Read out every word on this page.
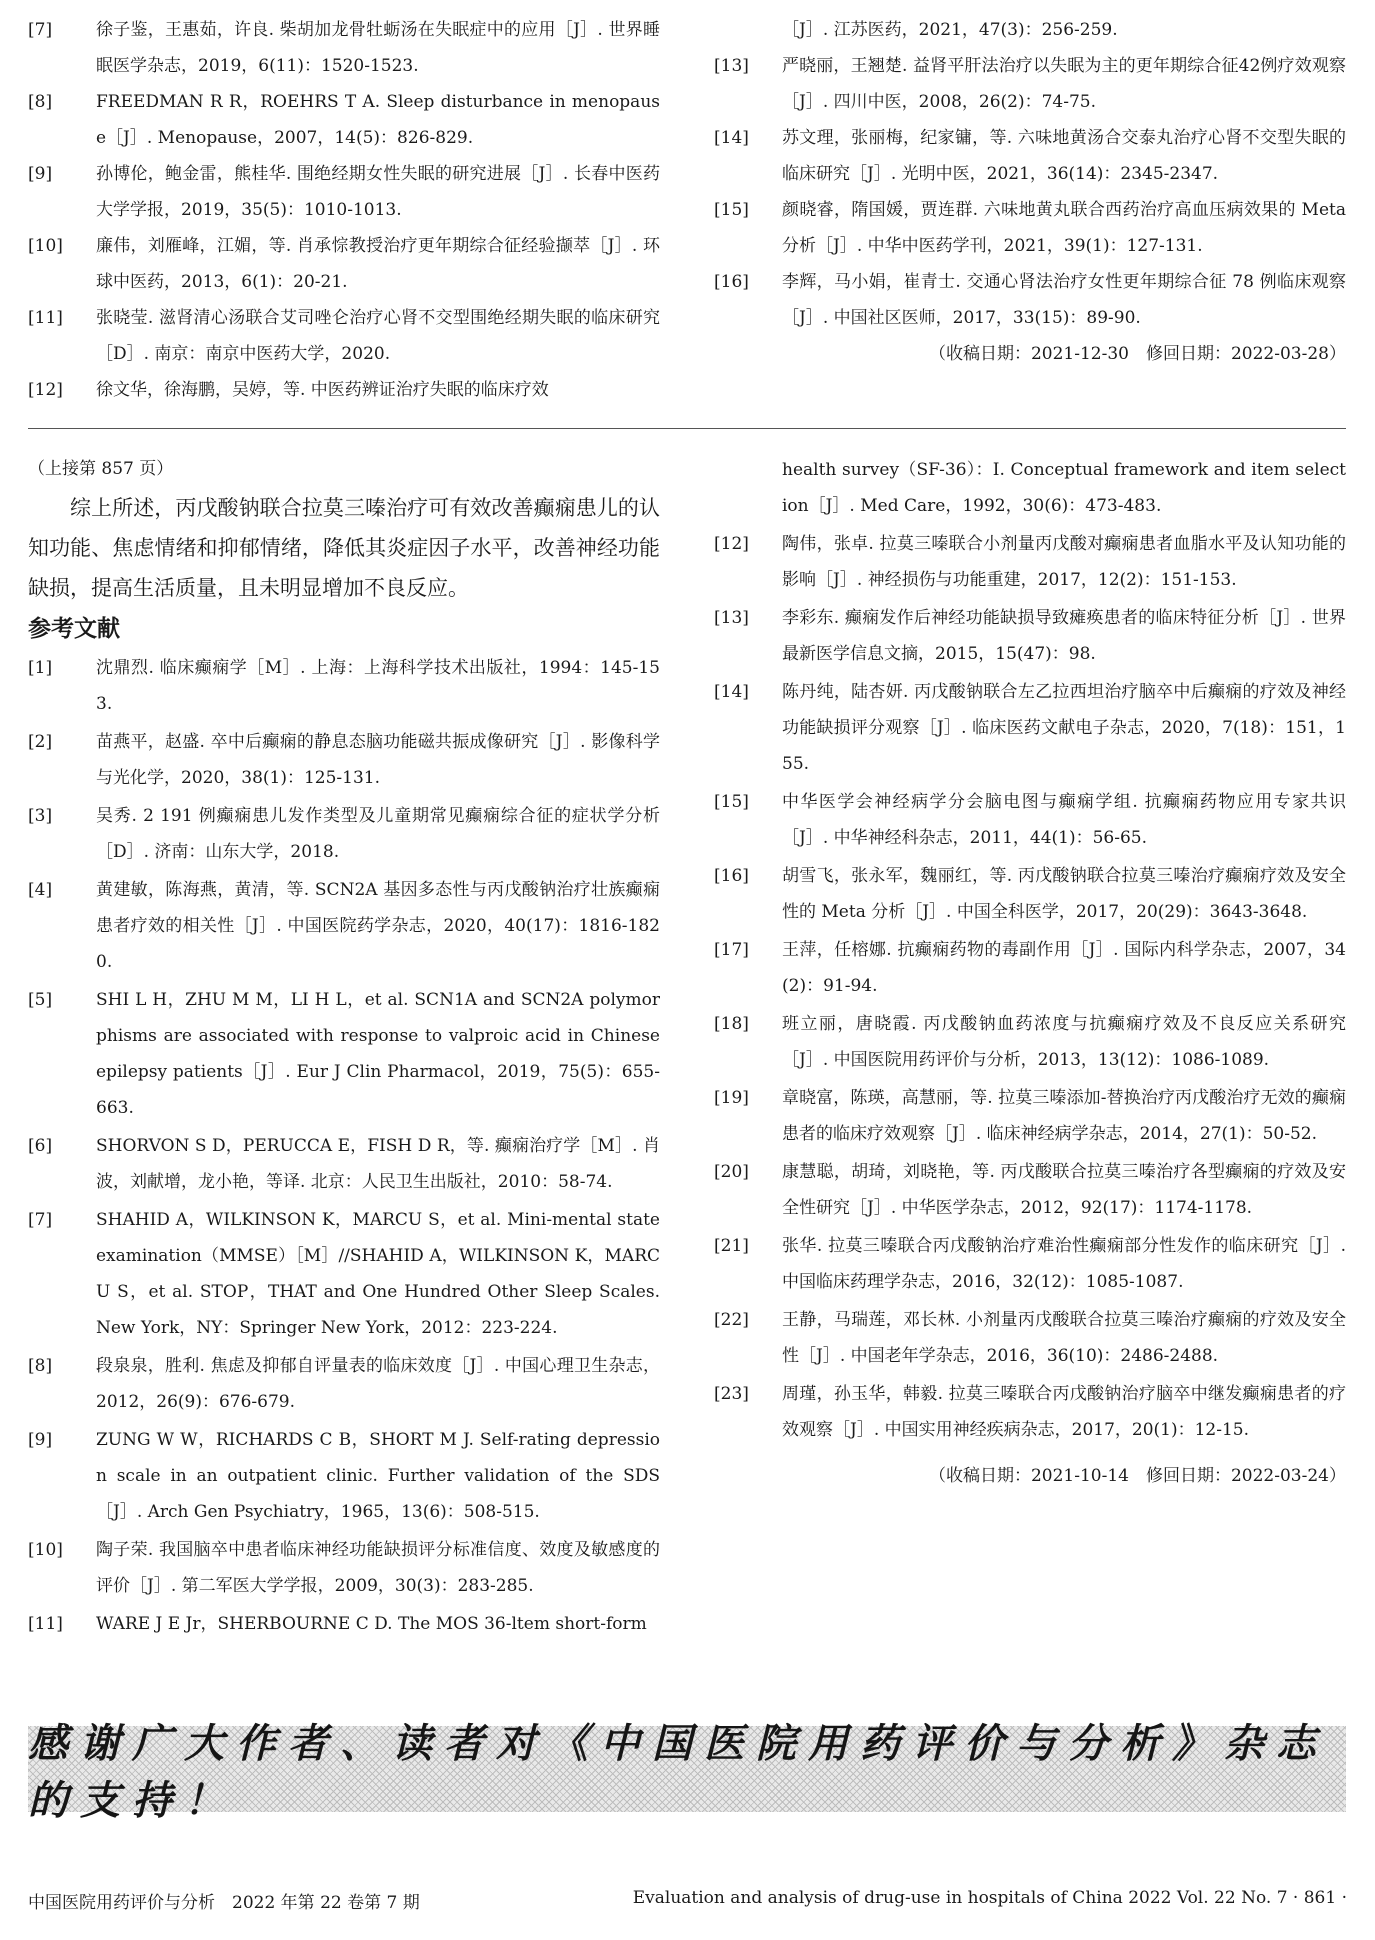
[7]	徐子鉴，王惠茹，许良. 柴胡加龙骨牡蛎汤在失眠症中的应用［J］. 世界睡眠医学杂志，2019，6(11)：1520-1523.
[8]	FREEDMAN R R，ROEHRS T A. Sleep disturbance in menopause［J］. Menopause，2007，14(5)：826-829.
[9]	孙博伦，鲍金雷，熊桂华. 围绝经期女性失眠的研究进展［J］. 长春中医药大学学报，2019，35(5)：1010-1013.
[10] 廉伟，刘雁峰，江媚，等. 肖承悰教授治疗更年期综合征经验撷萃［J］. 环球中医药，2013，6(1)：20-21.
[11] 张晓莹. 滋肾清心汤联合艾司唑仑治疗心肾不交型围绝经期失眠的临床研究［D］. 南京：南京中医药大学，2020.
[12] 徐文华，徐海鹏，吴婷，等. 中医药辨证治疗失眠的临床疗效
［J］. 江苏医药，2021，47(3)：256-259.
[13] 严晓丽，王翘楚. 益肾平肝法治疗以失眠为主的更年期综合征42例疗效观察［J］. 四川中医，2008，26(2)：74-75.
[14] 苏文理，张丽梅，纪家镛，等. 六味地黄汤合交泰丸治疗心肾不交型失眠的临床研究［J］. 光明中医，2021，36(14)：2345-2347.
[15] 颜晓睿，隋国媛，贾连群. 六味地黄丸联合西药治疗高血压病效果的 Meta 分析［J］. 中华中医药学刊，2021，39(1)：127-131.
[16] 李辉，马小娟，崔青士. 交通心肾法治疗女性更年期综合征 78 例临床观察［J］. 中国社区医师，2017，33(15)：89-90.
（收稿日期：2021-12-30　修回日期：2022-03-28）
（上接第 857 页）

综上所述，丙戊酸钠联合拉莫三嗪治疗可有效改善癫痫患儿的认知功能、焦虑情绪和抑郁情绪，降低其炎症因子水平，改善神经功能缺损，提高生活质量，且未明显增加不良反应。

参考文献
[1]	沈鼎烈. 临床癫痫学［M］. 上海：上海科学技术出版社，1994：145-153.
[2]	苗燕平，赵盛. 卒中后癫痫的静息态脑功能磁共振成像研究［J］. 影像科学与光化学，2020，38(1)：125-131.
[3]	吴秀. 2 191 例癫痫患儿发作类型及儿童期常见癫痫综合征的症状学分析［D］. 济南：山东大学，2018.
[4]	黄建敏，陈海燕，黄清，等. SCN2A 基因多态性与丙戊酸钠治疗壮族癫痫患者疗效的相关性［J］. 中国医院药学杂志，2020，40(17)：1816-1820.
[5]	SHI L H，ZHU M M，LI H L，et al. SCN1A and SCN2A polymorphisms are associated with response to valproic acid in Chinese epilepsy patients［J］. Eur J Clin Pharmacol，2019，75(5)：655-663.
[6]	SHORVON S D，PERUCCA E，FISH D R，等. 癫痫治疗学［M］. 肖波，刘献增，龙小艳，等译. 北京：人民卫生出版社，2010：58-74.
[7]	SHAHID A，WILKINSON K，MARCU S，et al. Mini-mental state examination（MMSE）［M］//SHAHID A，WILKINSON K，MARCU S，et al. STOP，THAT and One Hundred Other Sleep Scales. New York，NY：Springer New York，2012：223-224.
[8]	段泉泉，胜利. 焦虑及抑郁自评量表的临床效度［J］. 中国心理卫生杂志，2012，26(9)：676-679.
[9]	ZUNG W W，RICHARDS C B，SHORT M J. Self-rating depression scale in an outpatient clinic. Further validation of the SDS［J］. Arch Gen Psychiatry，1965，13(6)：508-515.
[10] 陶子荣. 我国脑卒中患者临床神经功能缺损评分标准信度、效度及敏感度的评价［J］. 第二军医大学学报，2009，30(3)：283-285.
[11] WARE J E Jr，SHERBOURNE C D. The MOS 36-ltem short-form
health survey（SF-36）：I. Conceptual framework and item selection［J］. Med Care，1992，30(6)：473-483.
[12] 陶伟，张卓. 拉莫三嗪联合小剂量丙戊酸对癫痫患者血脂水平及认知功能的影响［J］. 神经损伤与功能重建，2017，12(2)：151-153.
[13] 李彩东. 癫痫发作后神经功能缺损导致瘫痪患者的临床特征分析［J］. 世界最新医学信息文摘，2015，15(47)：98.
[14] 陈丹纯，陆杏妍. 丙戊酸钠联合左乙拉西坦治疗脑卒中后癫痫的疗效及神经功能缺损评分观察［J］. 临床医药文献电子杂志，2020，7(18)：151，155.
[15] 中华医学会神经病学分会脑电图与癫痫学组. 抗癫痫药物应用专家共识［J］. 中华神经科杂志，2011，44(1)：56-65.
[16] 胡雪飞，张永军，魏丽红，等. 丙戊酸钠联合拉莫三嗪治疗癫痫疗效及安全性的 Meta 分析［J］. 中国全科医学，2017，20(29)：3643-3648.
[17] 王萍，任榕娜. 抗癫痫药物的毒副作用［J］. 国际内科学杂志，2007，34(2)：91-94.
[18] 班立丽，唐晓霞. 丙戊酸钠血药浓度与抗癫痫疗效及不良反应关系研究［J］. 中国医院用药评价与分析，2013，13(12)：1086-1089.
[19] 章晓富，陈瑛，高慧丽，等. 拉莫三嗪添加-替换治疗丙戊酸治疗无效的癫痫患者的临床疗效观察［J］. 临床神经病学杂志，2014，27(1)：50-52.
[20] 康慧聪，胡琦，刘晓艳，等. 丙戊酸联合拉莫三嗪治疗各型癫痫的疗效及安全性研究［J］. 中华医学杂志，2012，92(17)：1174-1178.
[21] 张华. 拉莫三嗪联合丙戊酸钠治疗难治性癫痫部分性发作的临床研究［J］. 中国临床药理学杂志，2016，32(12)：1085-1087.
[22] 王静，马瑞莲，邓长林. 小剂量丙戊酸联合拉莫三嗪治疗癫痫的疗效及安全性［J］. 中国老年学杂志，2016，36(10)：2486-2488.
[23] 周瑾，孙玉华，韩毅. 拉莫三嗪联合丙戊酸钠治疗脑卒中继发癫痫患者的疗效观察［J］. 中国实用神经疾病杂志，2017，20(1)：12-15.
（收稿日期：2021-10-14　修回日期：2022-03-24）
感谢广大作者、读者对《中国医院用药评价与分析》杂志的支持！
中国医院用药评价与分析　2022 年第 22 卷第 7 期	Evaluation and analysis of drug-use in hospitals of China 2022 Vol. 22 No. 7 · 861 ·
